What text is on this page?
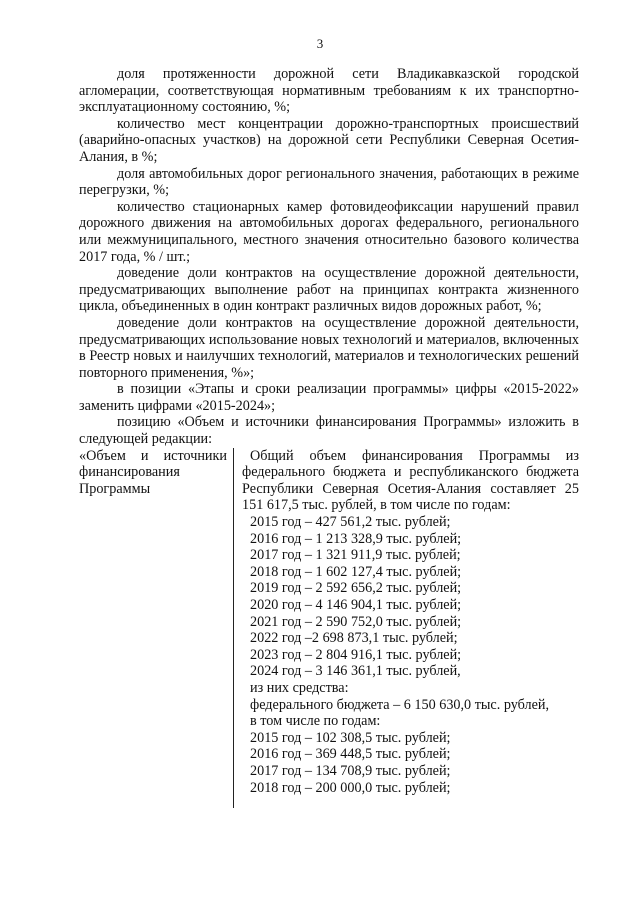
3

доля протяженности дорожной сети Владикавказской городской агломерации, соответствующая нормативным требованиям к их транспортно-эксплуатационному состоянию, %;

количество мест концентрации дорожно-транспортных происшествий (аварийно-опасных участков) на дорожной сети Республики Северная Осетия-Алания, в %;

доля автомобильных дорог регионального значения, работающих в режиме перегрузки, %;

количество стационарных камер фотовидеофиксации нарушений правил дорожного движения на автомобильных дорогах федерального, регионального или межмуниципального, местного значения относительно базового количества 2017 года, % / шт.;

доведение доли контрактов на осуществление дорожной деятельности, предусматривающих выполнение работ на принципах контракта жизненного цикла, объединенных в один контракт различных видов дорожных работ, %;

доведение доли контрактов на осуществление дорожной деятельности, предусматривающих использование новых технологий и материалов, включенных в Реестр новых и наилучших технологий, материалов и технологических решений повторного применения, %»;

в позиции «Этапы и сроки реализации программы» цифры «2015-2022» заменить цифрами «2015-2024»;

позицию «Объем и источники финансирования Программы» изложить в следующей редакции:

«Объем и источники финансирования Программы
Общий объем финансирования Программы из федерального бюджета и республиканского бюджета Республики Северная Осетия-Алания составляет 25 151 617,5 тыс. рублей, в том числе по годам:
2015 год – 427 561,2 тыс. рублей;
2016 год – 1 213 328,9 тыс. рублей;
2017 год – 1 321 911,9 тыс. рублей;
2018 год – 1 602 127,4 тыс. рублей;
2019 год – 2 592 656,2 тыс. рублей;
2020 год – 4 146 904,1 тыс. рублей;
2021 год – 2 590 752,0 тыс. рублей;
2022 год –2 698 873,1 тыс. рублей;
2023 год – 2 804 916,1 тыс. рублей;
2024 год – 3 146 361,1 тыс. рублей,
из них средства:
федерального бюджета – 6 150 630,0 тыс. рублей,
в том числе по годам:
2015 год – 102 308,5 тыс. рублей;
2016 год – 369 448,5 тыс. рублей;
2017 год – 134 708,9 тыс. рублей;
2018 год – 200 000,0 тыс. рублей;
